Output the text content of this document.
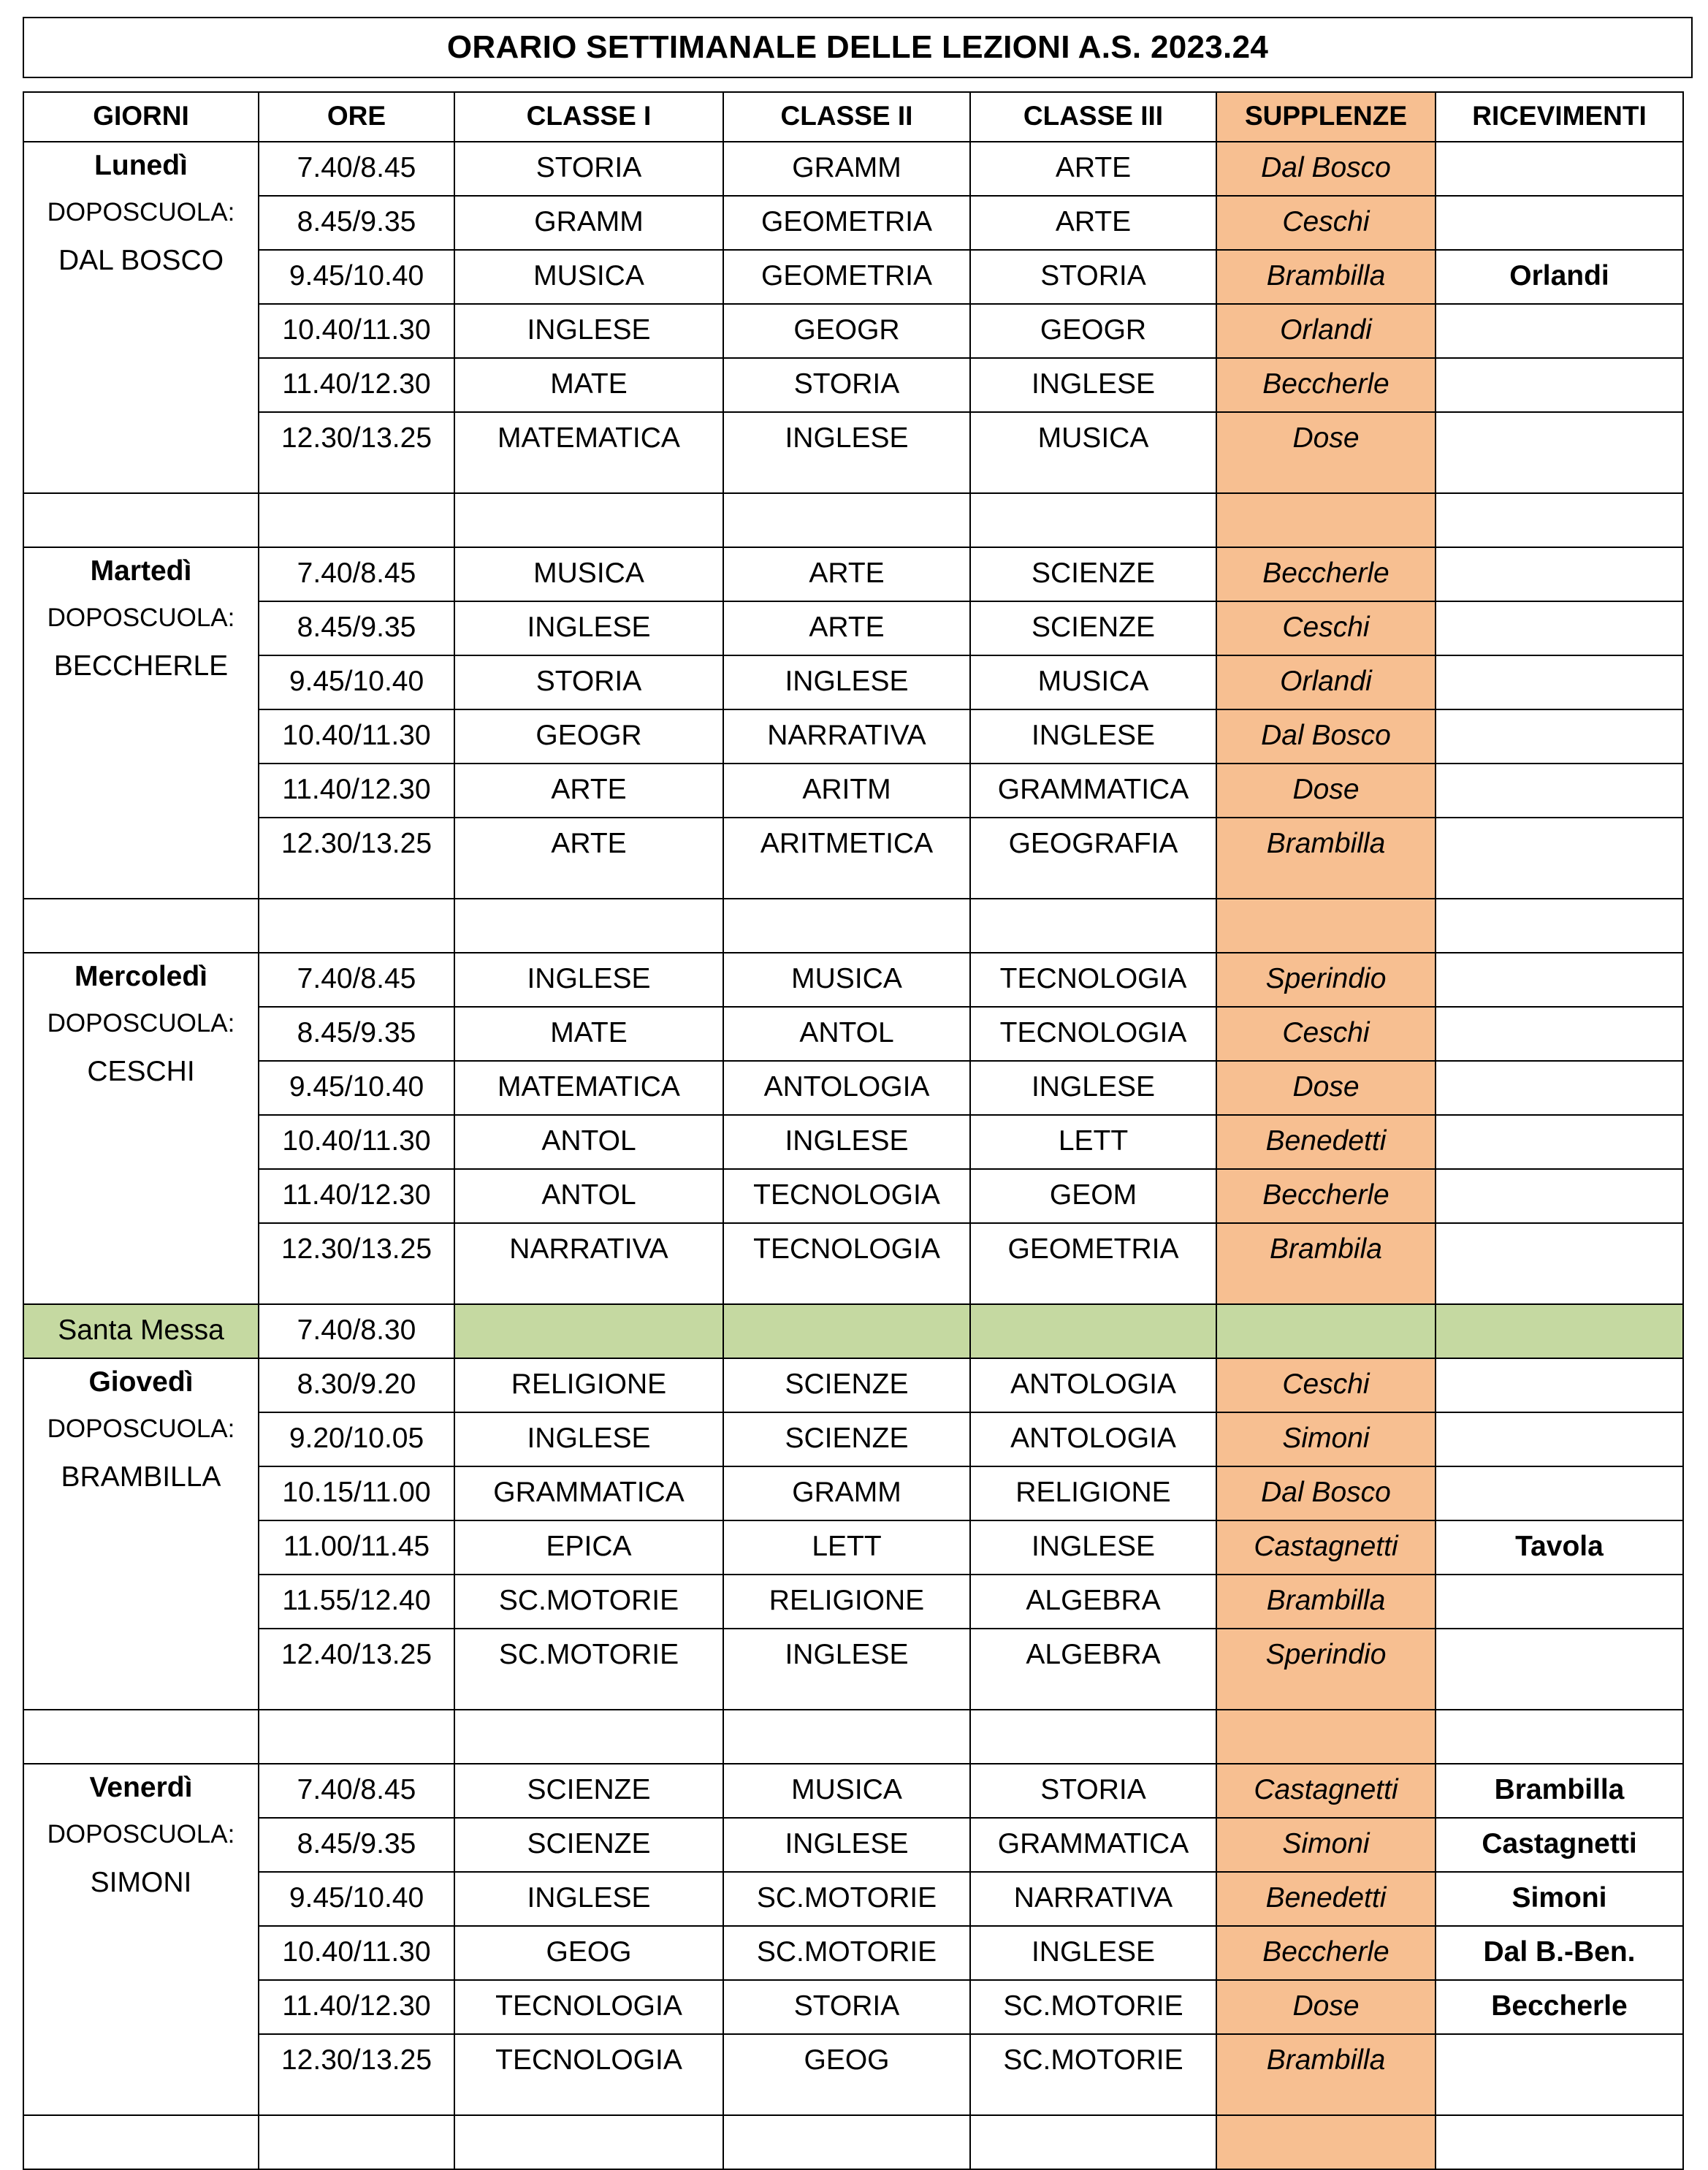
ORARIO SETTIMANALE DELLE LEZIONI A.S. 2023.24
GIORNI	ORE	CLASSE I	CLASSE II	CLASSE III	SUPPLENZE	RICEVIMENTI

Lunedì
DOPOSCUOLA:
DAL BOSCO	7.40/8.45	STORIA	GRAMM	ARTE	Dal Bosco	
	8.45/9.35	GRAMM	GEOMETRIA	ARTE	Ceschi	
	9.45/10.40	MUSICA	GEOMETRIA	STORIA	Brambilla	Orlandi
	10.40/11.30	INGLESE	GEOGR	GEOGR	Orlandi	
	11.40/12.30	MATE	STORIA	INGLESE	Beccherle	
	12.30/13.25	MATEMATICA	INGLESE	MUSICA	Dose	

Martedì
DOPOSCUOLA:
BECCHERLE	7.40/8.45	MUSICA	ARTE	SCIENZE	Beccherle	
	8.45/9.35	INGLESE	ARTE	SCIENZE	Ceschi	
	9.45/10.40	STORIA	INGLESE	MUSICA	Orlandi	
	10.40/11.30	GEOGR	NARRATIVA	INGLESE	Dal Bosco	
	11.40/12.30	ARTE	ARITM	GRAMMATICA	Dose	
	12.30/13.25	ARTE	ARITMETICA	GEOGRAFIA	Brambilla	

Mercoledì
DOPOSCUOLA:
CESCHI	7.40/8.45	INGLESE	MUSICA	TECNOLOGIA	Sperindio	
	8.45/9.35	MATE	ANTOL	TECNOLOGIA	Ceschi	
	9.45/10.40	MATEMATICA	ANTOLOGIA	INGLESE	Dose	
	10.40/11.30	ANTOL	INGLESE	LETT	Benedetti	
	11.40/12.30	ANTOL	TECNOLOGIA	GEOM	Beccherle	
	12.30/13.25	NARRATIVA	TECNOLOGIA	GEOMETRIA	Brambila	
Santa Messa	7.40/8.30					

Giovedì
DOPOSCUOLA:
BRAMBILLA	8.30/9.20	RELIGIONE	SCIENZE	ANTOLOGIA	Ceschi	
	9.20/10.05	INGLESE	SCIENZE	ANTOLOGIA	Simoni	
	10.15/11.00	GRAMMATICA	GRAMM	RELIGIONE	Dal Bosco	
	11.00/11.45	EPICA	LETT	INGLESE	Castagnetti	Tavola
	11.55/12.40	SC.MOTORIE	RELIGIONE	ALGEBRA	Brambilla	
	12.40/13.25	SC.MOTORIE	INGLESE	ALGEBRA	Sperindio	

Venerdì
DOPOSCUOLA:
SIMONI	7.40/8.45	SCIENZE	MUSICA	STORIA	Castagnetti	Brambilla
	8.45/9.35	SCIENZE	INGLESE	GRAMMATICA	Simoni	Castagnetti
	9.45/10.40	INGLESE	SC.MOTORIE	NARRATIVA	Benedetti	Simoni
	10.40/11.30	GEOG	SC.MOTORIE	INGLESE	Beccherle	Dal B.-Ben.
	11.40/12.30	TECNOLOGIA	STORIA	SC.MOTORIE	Dose	Beccherle
	12.30/13.25	TECNOLOGIA	GEOG	SC.MOTORIE	Brambilla	
